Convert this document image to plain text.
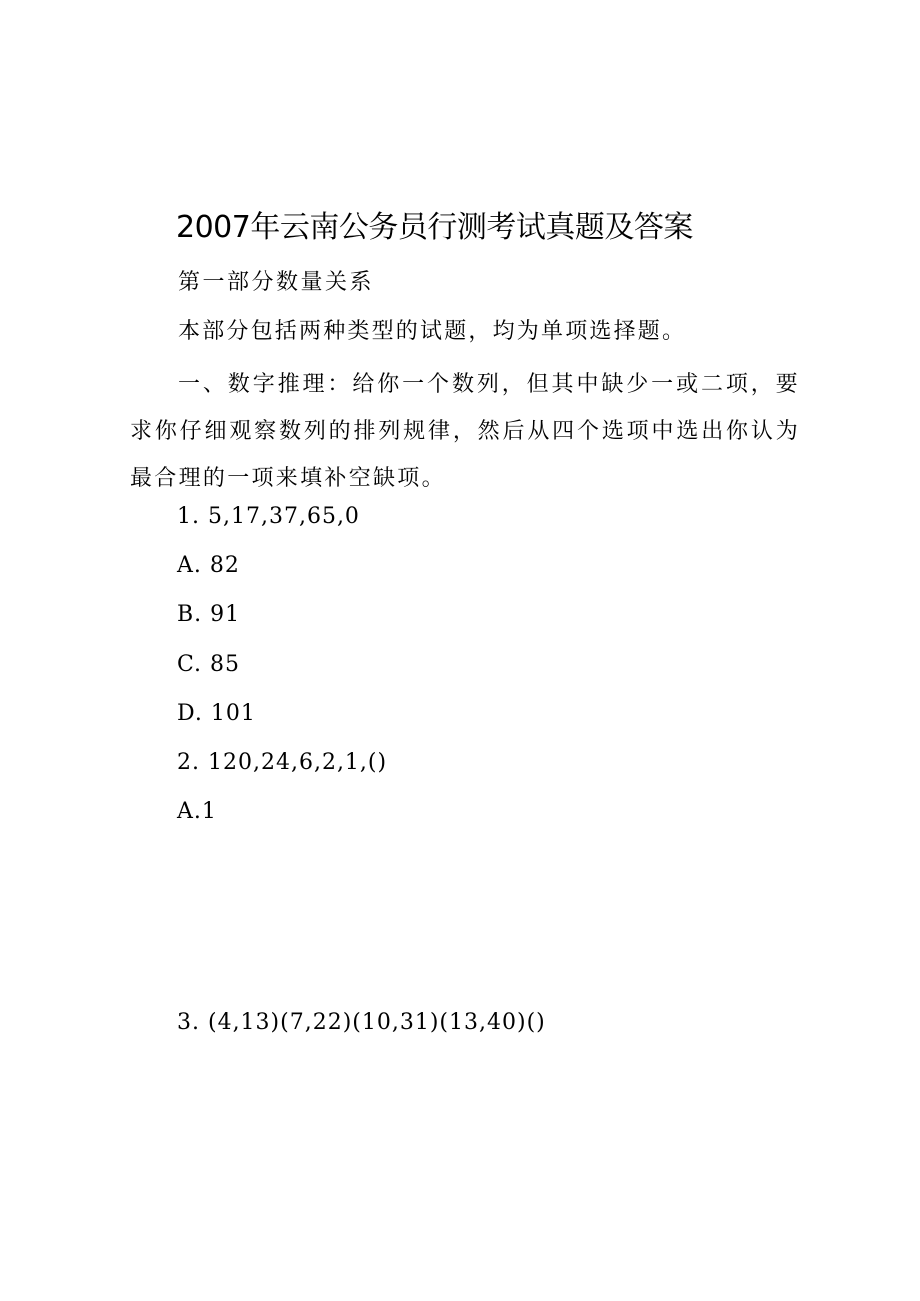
2007年云南公务员行测考试真题及答案

第一部分数量关系

本部分包括两种类型的试题，均为单项选择题。

一、数字推理：给你一个数列，但其中缺少一或二项，要求你仔细观察数列的排列规律，然后从四个选项中选出你认为最合理的一项来填补空缺项。

1. 5,17,37,65,0

A. 82

B. 91

C. 85

D. 101

2. 120,24,6,2,1,()

A.1

3. (4,13)(7,22)(10,31)(13,40)()
